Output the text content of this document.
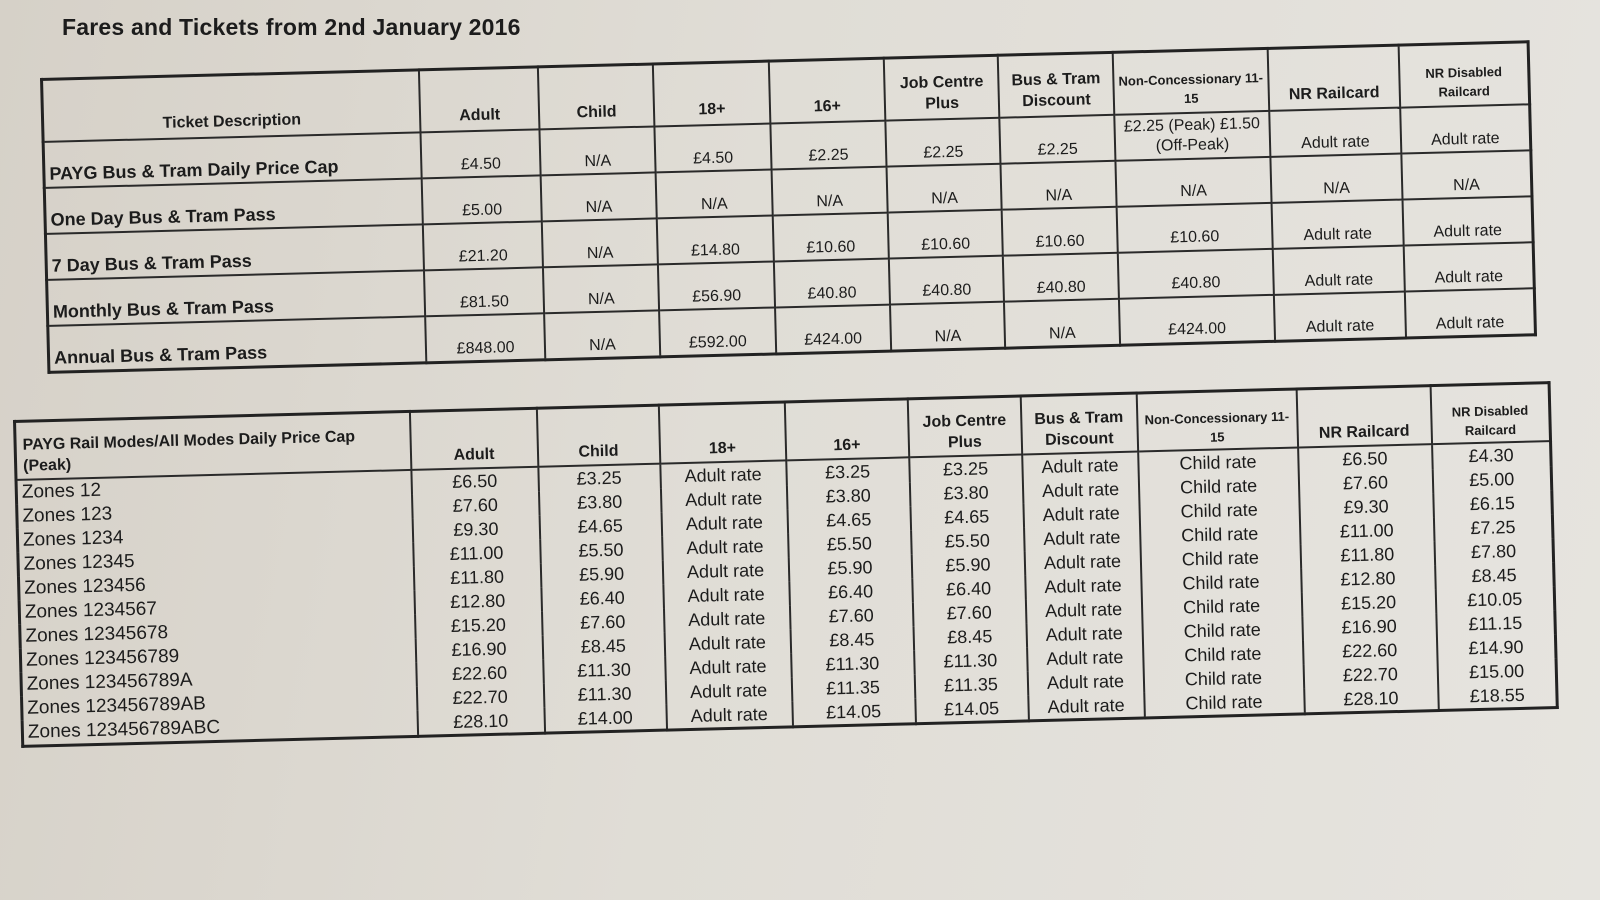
Fares and Tickets from 2nd January 2016
Ticket Description	Adult	Child	18+	16+	Job Centre Plus	Bus & Tram Discount	Non-Concessionary 11-15	NR Railcard	NR Disabled Railcard
PAYG Bus & Tram Daily Price Cap	£4.50	N/A	£4.50	£2.25	£2.25	£2.25	£2.25 (Peak) £1.50 (Off-Peak)	Adult rate	Adult rate
One Day Bus & Tram Pass	£5.00	N/A	N/A	N/A	N/A	N/A	N/A	N/A	N/A
7 Day Bus & Tram Pass	£21.20	N/A	£14.80	£10.60	£10.60	£10.60	£10.60	Adult rate	Adult rate
Monthly Bus & Tram Pass	£81.50	N/A	£56.90	£40.80	£40.80	£40.80	£40.80	Adult rate	Adult rate
Annual Bus & Tram Pass	£848.00	N/A	£592.00	£424.00	N/A	N/A	£424.00	Adult rate	Adult rate
PAYG Rail Modes/All Modes Daily Price Cap (Peak)	Adult	Child	18+	16+	Job Centre Plus	Bus & Tram Discount	Non-Concessionary 11-15	NR Railcard	NR Disabled Railcard
Zones 12	£6.50	£3.25	Adult rate	£3.25	£3.25	Adult rate	Child rate	£6.50	£4.30
Zones 123	£7.60	£3.80	Adult rate	£3.80	£3.80	Adult rate	Child rate	£7.60	£5.00
Zones 1234	£9.30	£4.65	Adult rate	£4.65	£4.65	Adult rate	Child rate	£9.30	£6.15
Zones 12345	£11.00	£5.50	Adult rate	£5.50	£5.50	Adult rate	Child rate	£11.00	£7.25
Zones 123456	£11.80	£5.90	Adult rate	£5.90	£5.90	Adult rate	Child rate	£11.80	£7.80
Zones 1234567	£12.80	£6.40	Adult rate	£6.40	£6.40	Adult rate	Child rate	£12.80	£8.45
Zones 12345678	£15.20	£7.60	Adult rate	£7.60	£7.60	Adult rate	Child rate	£15.20	£10.05
Zones 123456789	£16.90	£8.45	Adult rate	£8.45	£8.45	Adult rate	Child rate	£16.90	£11.15
Zones 123456789A	£22.60	£11.30	Adult rate	£11.30	£11.30	Adult rate	Child rate	£22.60	£14.90
Zones 123456789AB	£22.70	£11.30	Adult rate	£11.35	£11.35	Adult rate	Child rate	£22.70	£15.00
Zones 123456789ABC	£28.10	£14.00	Adult rate	£14.05	£14.05	Adult rate	Child rate	£28.10	£18.55
